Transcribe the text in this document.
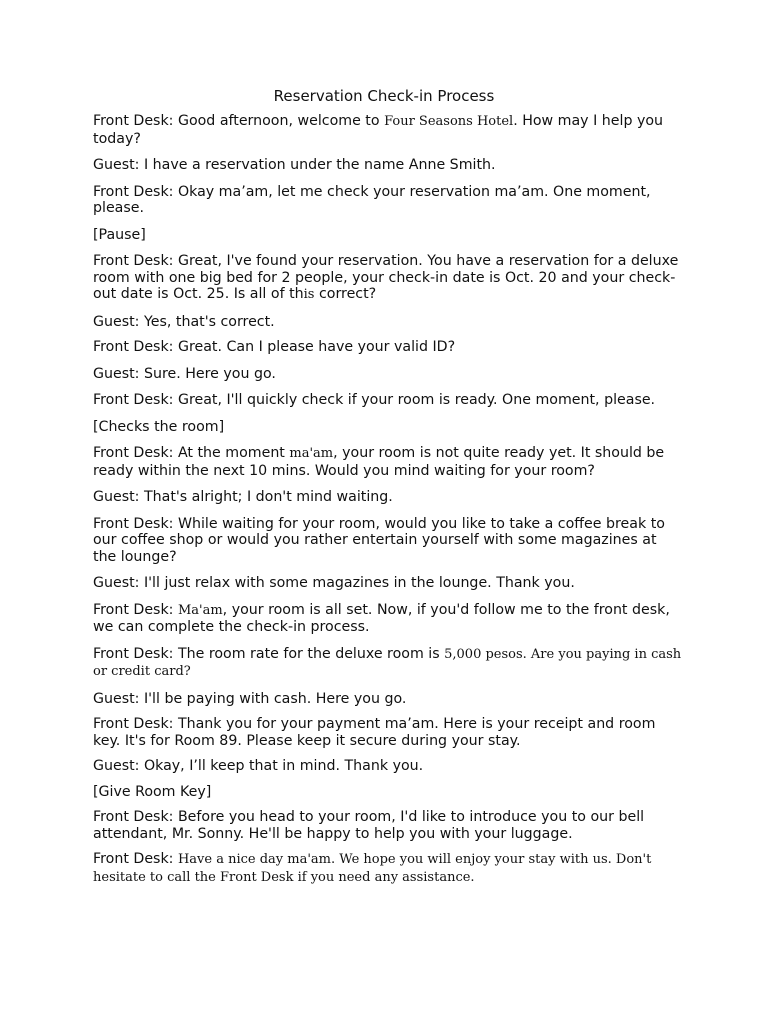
Reservation Check-in Process

Front Desk: Good afternoon, welcome to Four Seasons Hotel. How may I help you today?

Guest: I have a reservation under the name Anne Smith.

Front Desk: Okay ma’am, let me check your reservation ma’am. One moment, please.

[Pause]

Front Desk: Great, I've found your reservation. You have a reservation for a deluxe room with one big bed for 2 people, your check-in date is Oct. 20 and your check-out date is Oct. 25. Is all of this correct?

Guest: Yes, that's correct.

Front Desk: Great. Can I please have your valid ID?

Guest: Sure. Here you go.

Front Desk: Great, I'll quickly check if your room is ready. One moment, please.

[Checks the room]

Front Desk: At the moment ma'am, your room is not quite ready yet. It should be ready within the next 10 mins. Would you mind waiting for your room?

Guest: That's alright; I don't mind waiting.

Front Desk: While waiting for your room, would you like to take a coffee break to our coffee shop or would you rather entertain yourself with some magazines at the lounge?

Guest: I'll just relax with some magazines in the lounge. Thank you.

Front Desk: Ma'am, your room is all set. Now, if you'd follow me to the front desk, we can complete the check-in process.

Front Desk: The room rate for the deluxe room is 5,000 pesos. Are you paying in cash or credit card?

Guest: I'll be paying with cash. Here you go.

Front Desk: Thank you for your payment ma’am. Here is your receipt and room key. It's for Room 89. Please keep it secure during your stay.

Guest: Okay, I’ll keep that in mind. Thank you.

[Give Room Key]

Front Desk: Before you head to your room, I'd like to introduce you to our bell attendant, Mr. Sonny. He'll be happy to help you with your luggage.

Front Desk: Have a nice day ma'am. We hope you will enjoy your stay with us. Don't hesitate to call the Front Desk if you need any assistance.
